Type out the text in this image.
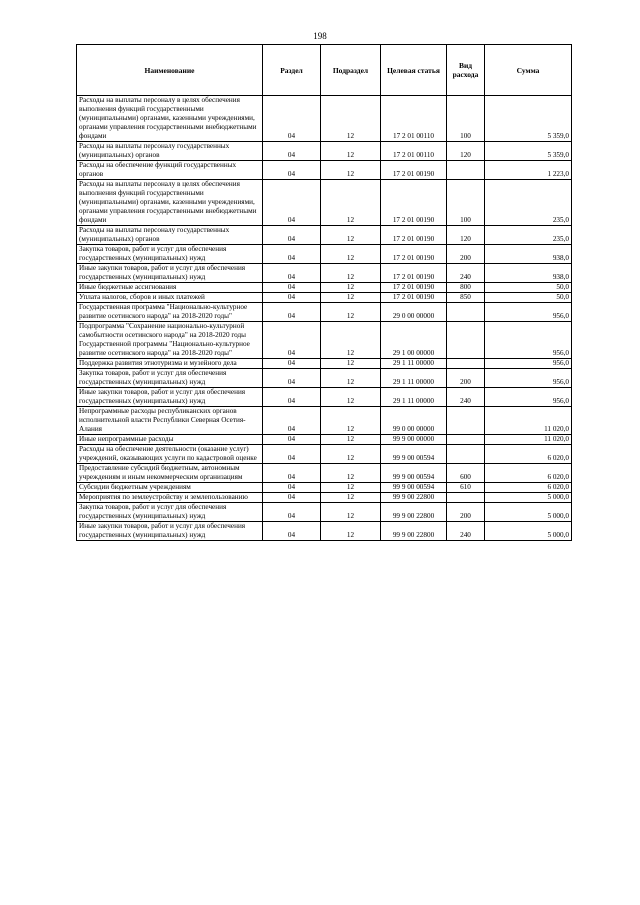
198
Наименование	Раздел	Подраздел	Целевая статья	Вид расхода	Сумма
Расходы на выплаты персоналу в целях обеспечения выполнения функций государственными (муниципальными) органами, казенными учреждениями, органами управления государственными внебюджетными фондами	04	12	17 2 01 00110	100	5 359,0
Расходы на выплаты персоналу государственных (муниципальных) органов	04	12	17 2 01 00110	120	5 359,0
Расходы на обеспечение функций государственных органов	04	12	17 2 01 00190		1 223,0
Расходы на выплаты персоналу в целях обеспечения выполнения функций государственными (муниципальными) органами, казенными учреждениями, органами управления государственными внебюджетными фондами	04	12	17 2 01 00190	100	235,0
Расходы на выплаты персоналу государственных (муниципальных) органов	04	12	17 2 01 00190	120	235,0
Закупка товаров, работ и услуг для обеспечения государственных (муниципальных) нужд	04	12	17 2 01 00190	200	938,0
Иные закупки товаров, работ и услуг для обеспечения государственных (муниципальных) нужд	04	12	17 2 01 00190	240	938,0
Иные бюджетные ассигнования	04	12	17 2 01 00190	800	50,0
Уплата налогов, сборов и иных платежей	04	12	17 2 01 00190	850	50,0
Государственная программа "Национально-культурное развитие осетинского народа" на 2018-2020 годы"	04	12	29 0 00 00000		956,0
Подпрограмма "Сохранение национально-культурной самобытности осетинского народа" на 2018-2020 годы Государственной программы "Национально-культурное развитие осетинского народа" на 2018-2020 годы"	04	12	29 1 00 00000		956,0
Поддержка развития этнотуризма и музейного дела	04	12	29 1 11 00000		956,0
Закупка товаров, работ и услуг для обеспечения государственных (муниципальных) нужд	04	12	29 1 11 00000	200	956,0
Иные закупки товаров, работ и услуг для обеспечения государственных (муниципальных) нужд	04	12	29 1 11 00000	240	956,0
Непрограммные расходы республиканских органов исполнительной власти Республики Северная Осетия-Алания	04	12	99 0 00 00000		11 020,0
Иные непрограммные расходы	04	12	99 9 00 00000		11 020,0
Расходы на обеспечение деятельности (оказание услуг) учреждений, оказывающих услуги по кадастровой оценке	04	12	99 9 00 00594		6 020,0
Предоставление субсидий бюджетным, автономным учреждениям и иным некоммерческим организациям	04	12	99 9 00 00594	600	6 020,0
Субсидии бюджетным учреждениям	04	12	99 9 00 00594	610	6 020,0
Мероприятия по землеустройству и землепользованию	04	12	99 9 00 22800		5 000,0
Закупка товаров, работ и услуг для обеспечения государственных (муниципальных) нужд	04	12	99 9 00 22800	200	5 000,0
Иные закупки товаров, работ и услуг для обеспечения государственных (муниципальных) нужд	04	12	99 9 00 22800	240	5 000,0
